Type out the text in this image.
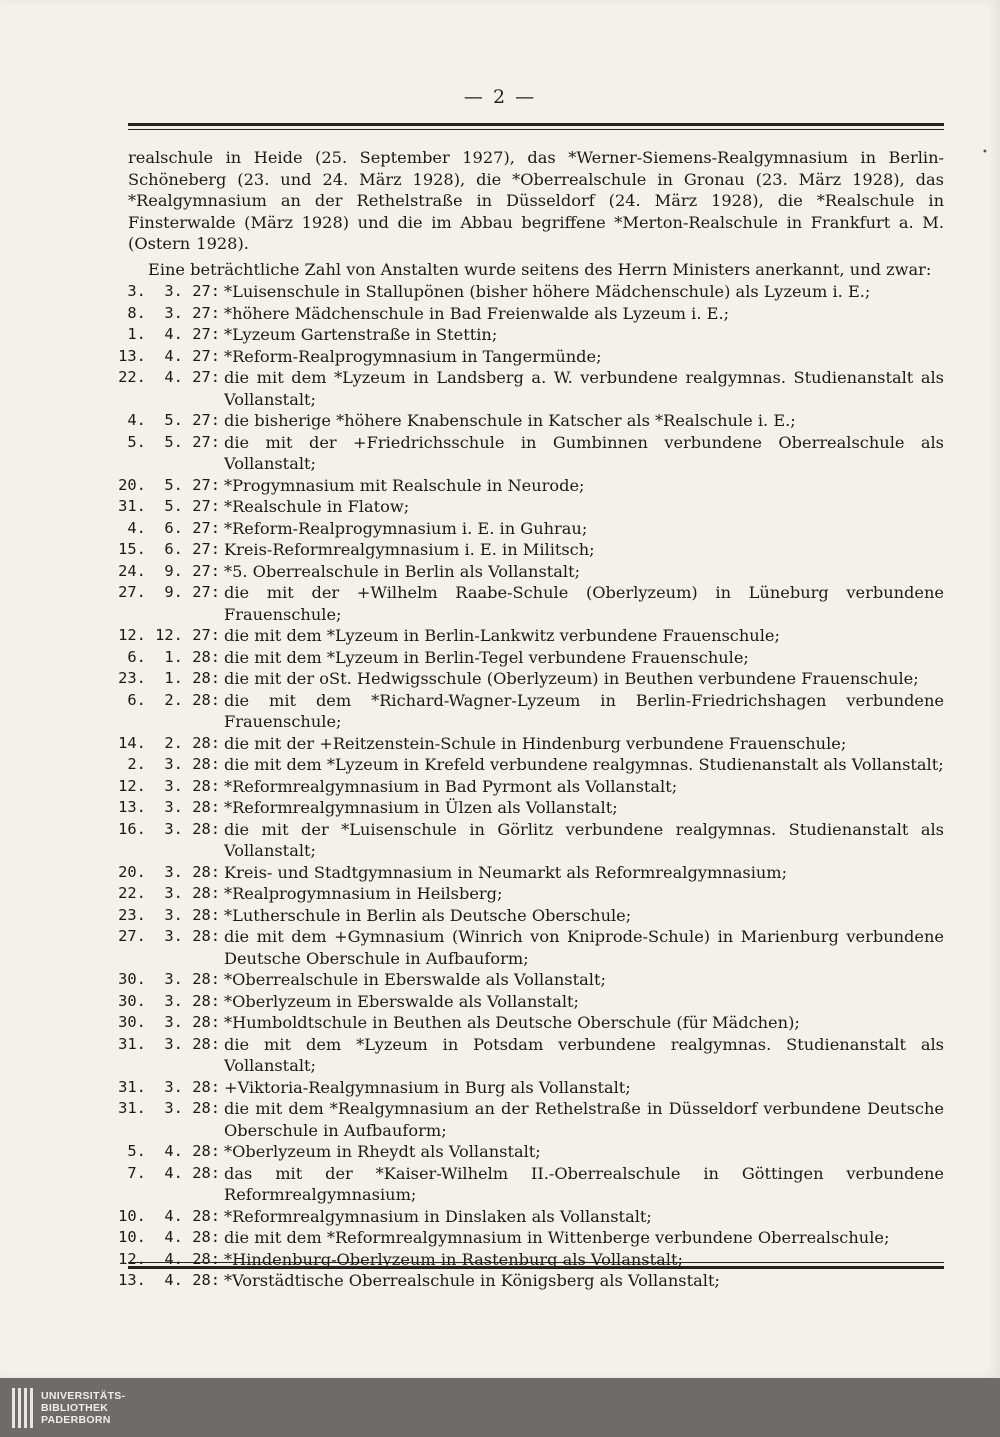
— 2 —
•

realschule in Heide (25. September 1927), das *Werner-Siemens-Realgymnasium in Berlin-Schöneberg (23. und 24. März 1928), die *Oberrealschule in Gronau (23. März 1928), das *Realgymnasium an der Rethelstraße in Düsseldorf (24. März 1928), die *Realschule in Finsterwalde (März 1928) und die im Abbau begriffene *Merton-Realschule in Frankfurt a. M. (Ostern 1928).

Eine beträchtliche Zahl von Anstalten wurde seitens des Herrn Ministers anerkannt, und zwar:

3.  3. 27: *Luisenschule in Stallupönen (bisher höhere Mädchenschule) als Lyzeum i. E.;
8.  3. 27: *höhere Mädchenschule in Bad Freienwalde als Lyzeum i. E.;
1.  4. 27: *Lyzeum Gartenstraße in Stettin;
13.  4. 27: *Reform-Realprogymnasium in Tangermünde;
22.  4. 27: die mit dem *Lyzeum in Landsberg a. W. verbundene realgymnas. Studienanstalt als Vollanstalt;
4.  5. 27: die bisherige *höhere Knabenschule in Katscher als *Realschule i. E.;
5.  5. 27: die mit der +Friedrichsschule in Gumbinnen verbundene Oberrealschule als Vollanstalt;
20.  5. 27: *Progymnasium mit Realschule in Neurode;
31.  5. 27: *Realschule in Flatow;
4.  6. 27: *Reform-Realprogymnasium i. E. in Guhrau;
15.  6. 27: Kreis-Reformrealgymnasium i. E. in Militsch;
24.  9. 27: *5. Oberrealschule in Berlin als Vollanstalt;
27.  9. 27: die mit der +Wilhelm Raabe-Schule (Oberlyzeum) in Lüneburg verbundene Frauenschule;
12. 12. 27: die mit dem *Lyzeum in Berlin-Lankwitz verbundene Frauenschule;
6.  1. 28: die mit dem *Lyzeum in Berlin-Tegel verbundene Frauenschule;
23.  1. 28: die mit der oSt. Hedwigsschule (Oberlyzeum) in Beuthen verbundene Frauenschule;
6.  2. 28: die mit dem *Richard-Wagner-Lyzeum in Berlin-Friedrichshagen verbundene Frauenschule;
14.  2. 28: die mit der +Reitzenstein-Schule in Hindenburg verbundene Frauenschule;
2.  3. 28: die mit dem *Lyzeum in Krefeld verbundene realgymnas. Studienanstalt als Vollanstalt;
12.  3. 28: *Reformrealgymnasium in Bad Pyrmont als Vollanstalt;
13.  3. 28: *Reformrealgymnasium in Ülzen als Vollanstalt;
16.  3. 28: die mit der *Luisenschule in Görlitz verbundene realgymnas. Studienanstalt als Vollanstalt;
20.  3. 28: Kreis- und Stadtgymnasium in Neumarkt als Reformrealgymnasium;
22.  3. 28: *Realprogymnasium in Heilsberg;
23.  3. 28: *Lutherschule in Berlin als Deutsche Oberschule;
27.  3. 28: die mit dem +Gymnasium (Winrich von Kniprode-Schule) in Marienburg verbundene Deutsche Oberschule in Aufbauform;
30.  3. 28: *Oberrealschule in Eberswalde als Vollanstalt;
30.  3. 28: *Oberlyzeum in Eberswalde als Vollanstalt;
30.  3. 28: *Humboldtschule in Beuthen als Deutsche Oberschule (für Mädchen);
31.  3. 28: die mit dem *Lyzeum in Potsdam verbundene realgymnas. Studienanstalt als Vollanstalt;
31.  3. 28: +Viktoria-Realgymnasium in Burg als Vollanstalt;
31.  3. 28: die mit dem *Realgymnasium an der Rethelstraße in Düsseldorf verbundene Deutsche Oberschule in Aufbauform;
5.  4. 28: *Oberlyzeum in Rheydt als Vollanstalt;
7.  4. 28: das mit der *Kaiser-Wilhelm II.-Oberrealschule in Göttingen verbundene Reformrealgymnasium;
10.  4. 28: *Reformrealgymnasium in Dinslaken als Vollanstalt;
10.  4. 28: die mit dem *Reformrealgymnasium in Wittenberge verbundene Oberrealschule;
12.  4. 28: *Hindenburg-Oberlyzeum in Rastenburg als Vollanstalt;
13.  4. 28: *Vorstädtische Oberrealschule in Königsberg als Vollanstalt;
UNIVERSITÄTS-
BIBLIOTHEK
PADERBORN
